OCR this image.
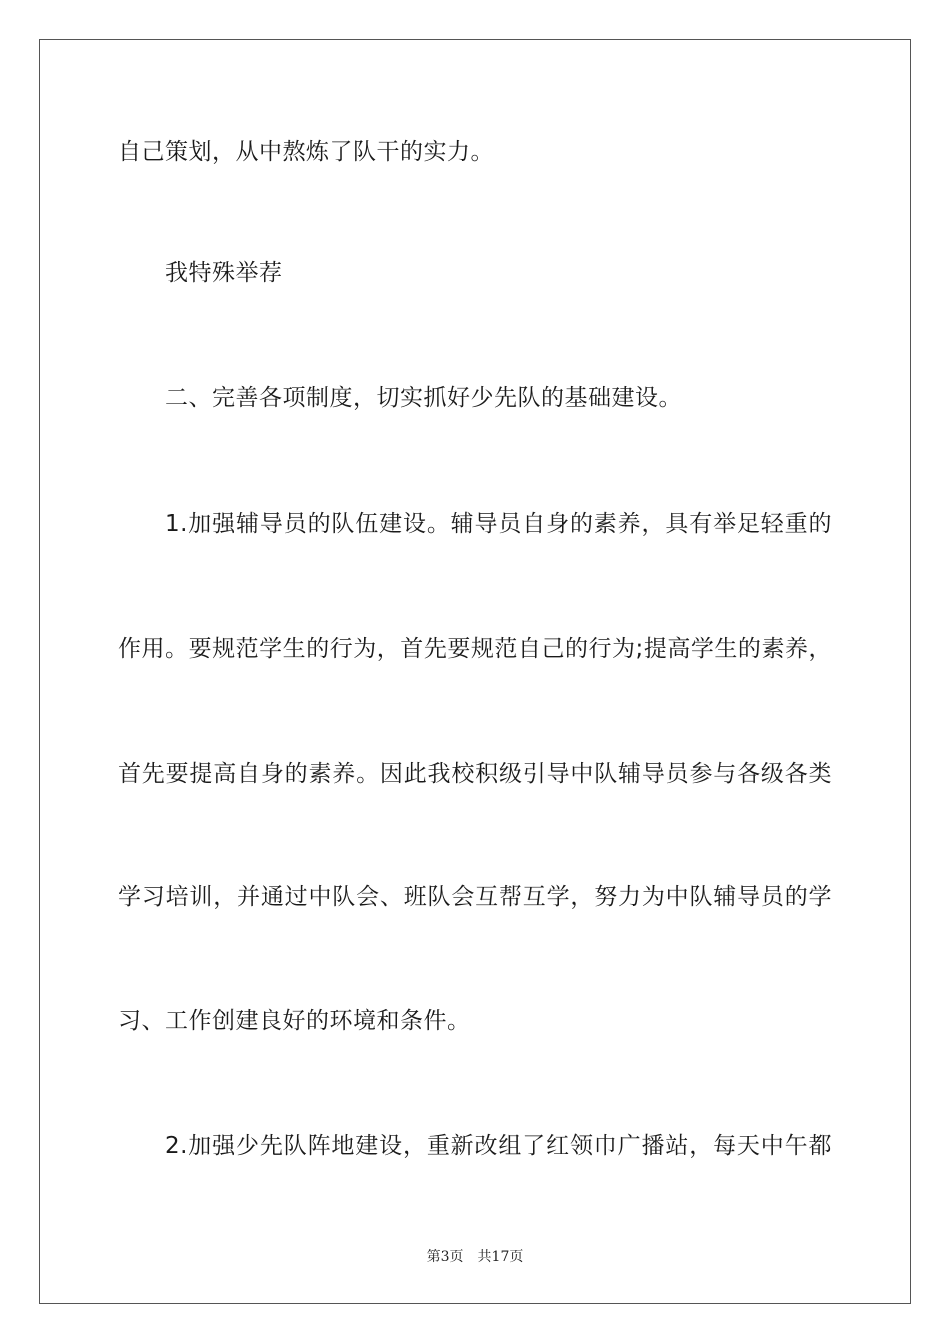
自己策划，从中熬炼了队干的实力。
我特殊举荐
二、完善各项制度，切实抓好少先队的基础建设。
1.加强辅导员的队伍建设。辅导员自身的素养，具有举足轻重的
作用。要规范学生的行为，首先要规范自己的行为;提高学生的素养，
首先要提高自身的素养。因此我校积级引导中队辅导员参与各级各类
学习培训，并通过中队会、班队会互帮互学，努力为中队辅导员的学
习、工作创建良好的环境和条件。
2.加强少先队阵地建设，重新改组了红领巾广播站，每天中午都
第3页 共17页
